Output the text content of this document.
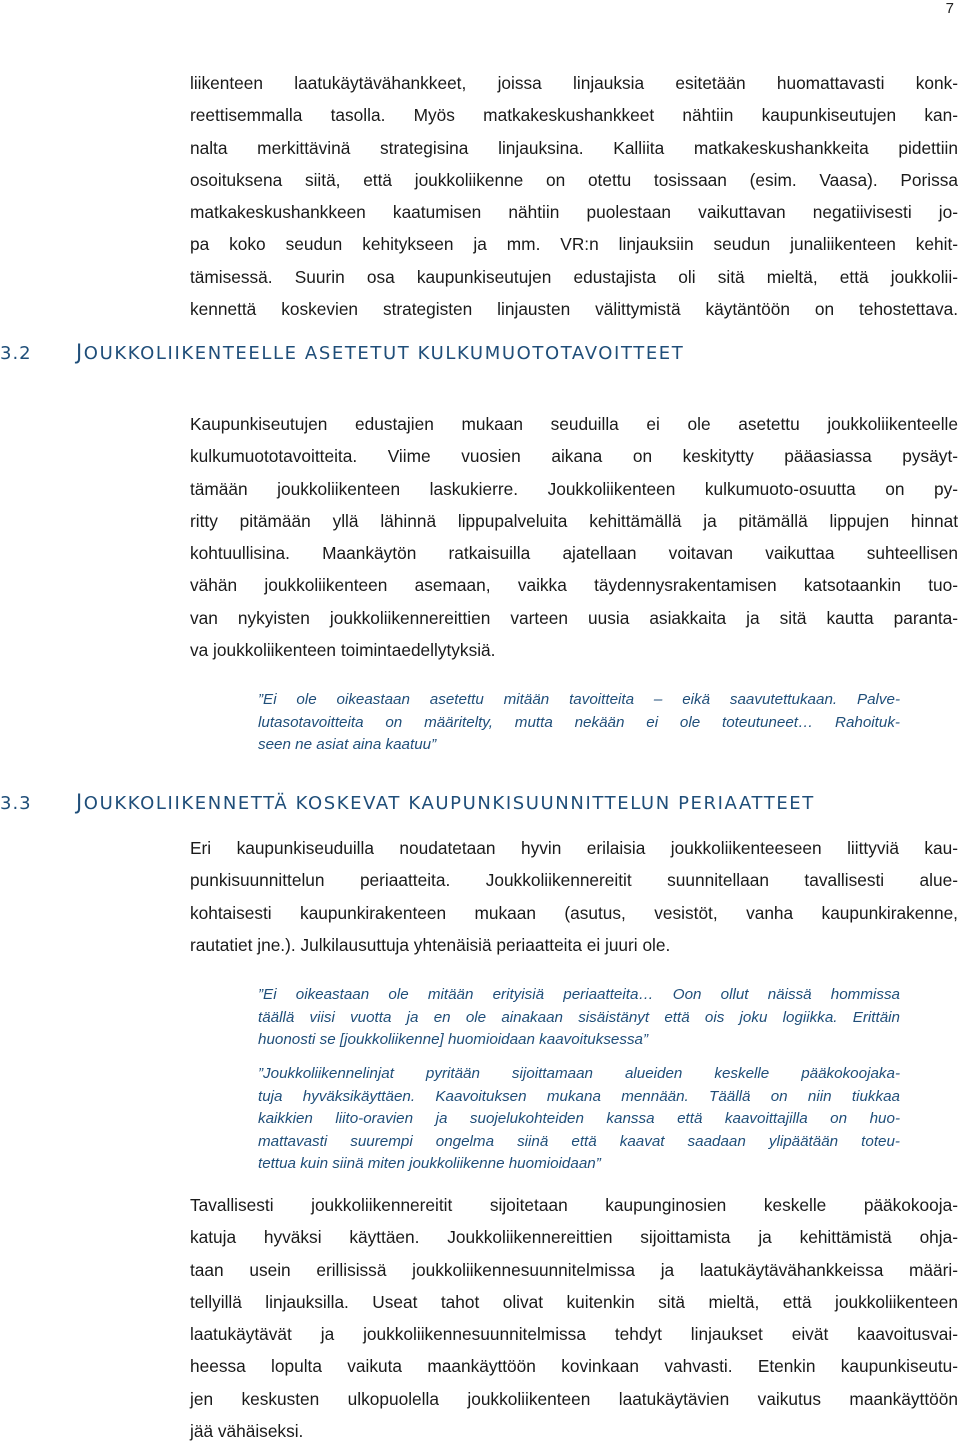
7
liikenteen laatukäytävähankkeet, joissa linjauksia esitetään huomattavasti konk-
reettisemmalla tasolla. Myös matkakeskushankkeet nähtiin kaupunkiseutujen kan-
nalta merkittävinä strategisina linjauksina. Kalliita matkakeskushankkeita pidettiin
osoituksena siitä, että joukkoliikenne on otettu tosissaan (esim. Vaasa). Porissa
matkakeskushankkeen kaatumisen nähtiin puolestaan vaikuttavan negatiivisesti jo-
pa koko seudun kehitykseen ja mm. VR:n linjauksiin seudun junaliikenteen kehit-
tämisessä. Suurin osa kaupunkiseutujen edustajista oli sitä mieltä, että joukkolii-
kennettä koskevien strategisten linjausten välittymistä käytäntöön on tehostettava.
3.2 JOUKKOLIIKENTEELLE ASETETUT KULKUMUOTOTAVOITTEET
Kaupunkiseutujen edustajien mukaan seuduilla ei ole asetettu joukkoliikenteelle
kulkumuototavoitteita. Viime vuosien aikana on keskitytty pääasiassa pysäyt-
tämään joukkoliikenteen laskukierre. Joukkoliikenteen kulkumuoto-osuutta on py-
ritty pitämään yllä lähinnä lippupalveluita kehittämällä ja pitämällä lippujen hinnat
kohtuullisina. Maankäytön ratkaisuilla ajatellaan voitavan vaikuttaa suhteellisen
vähän joukkoliikenteen asemaan, vaikka täydennysrakentamisen katsotaankin tuo-
van nykyisten joukkoliikennereittien varteen uusia asiakkaita ja sitä kautta paranta-
va joukkoliikenteen toimintaedellytyksiä.
”Ei ole oikeastaan asetettu mitään tavoitteita – eikä saavutettukaan. Palve-
lutasotavoitteita on määritelty, mutta nekään ei ole toteutuneet… Rahoituk-
seen ne asiat aina kaatuu”
3.3 JOUKKOLIIKENNETTÄ KOSKEVAT KAUPUNKISUUNNITTELUN PERIAATTEET
Eri kaupunkiseuduilla noudatetaan hyvin erilaisia joukkoliikenteeseen liittyviä kau-
punkisuunnittelun periaatteita. Joukkoliikennereitit suunnitellaan tavallisesti alue-
kohtaisesti kaupunkirakenteen mukaan (asutus, vesistöt, vanha kaupunkirakenne,
rautatiet jne.). Julkilausuttuja yhtenäisiä periaatteita ei juuri ole.
”Ei oikeastaan ole mitään erityisiä periaatteita… Oon ollut näissä hommissa
täällä viisi vuotta ja en ole ainakaan sisäistänyt että ois joku logiikka. Erittäin
huonosti se [joukkoliikenne] huomioidaan kaavoituksessa”
”Joukkoliikennelinjat pyritään sijoittamaan alueiden keskelle pääkokoojaka-
tuja hyväksikäyttäen. Kaavoituksen mukana mennään. Täällä on niin tiukkaa
kaikkien liito-oravien ja suojelukohteiden kanssa että kaavoittajilla on huo-
mattavasti suurempi ongelma siinä että kaavat saadaan ylipäätään toteu-
tettua kuin siinä miten joukkoliikenne huomioidaan”
Tavallisesti joukkoliikennereitit sijoitetaan kaupunginosien keskelle pääkokooja-
katuja hyväksi käyttäen. Joukkoliikennereittien sijoittamista ja kehittämistä ohja-
taan usein erillisissä joukkoliikennesuunnitelmissa ja laatukäytävähankkeissa määri-
tellyillä linjauksilla. Useat tahot olivat kuitenkin sitä mieltä, että joukkoliikenteen
laatukäytävät ja joukkoliikennesuunnitelmissa tehdyt linjaukset eivät kaavoitusvai-
heessa lopulta vaikuta maankäyttöön kovinkaan vahvasti. Etenkin kaupunkiseutu-
jen keskusten ulkopuolella joukkoliikenteen laatukäytävien vaikutus maankäyttöön
jää vähäiseksi.
